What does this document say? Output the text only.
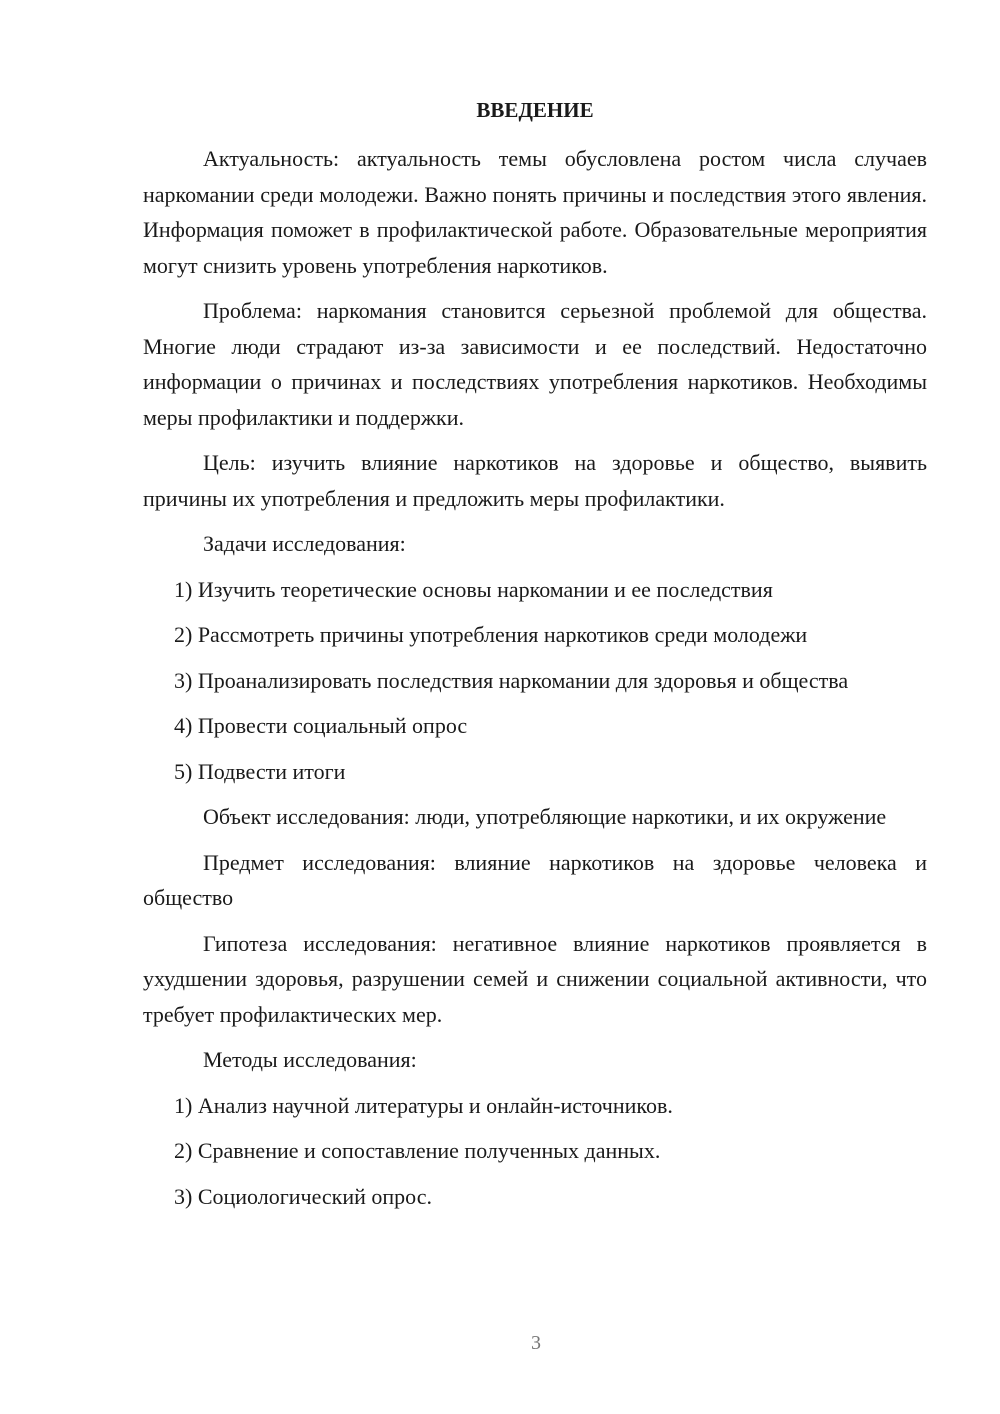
ВВЕДЕНИЕ

Актуальность: актуальность темы обусловлена ростом числа случаев наркомании среди молодежи. Важно понять причины и последствия этого явления. Информация поможет в профилактической работе. Образовательные мероприятия могут снизить уровень употребления наркотиков.

Проблема: наркомания становится серьезной проблемой для общества. Многие люди страдают из-за зависимости и ее последствий. Недостаточно информации о причинах и последствиях употребления наркотиков. Необходимы меры профилактики и поддержки.

Цель: изучить влияние наркотиков на здоровье и общество, выявить причины их употребления и предложить меры профилактики.

Задачи исследования:

1) Изучить теоретические основы наркомании и ее последствия

2) Рассмотреть причины употребления наркотиков среди молодежи

3) Проанализировать последствия наркомании для здоровья и общества

4) Провести социальный опрос

5) Подвести итоги

Объект исследования: люди, употребляющие наркотики, и их окружение

Предмет исследования: влияние наркотиков на здоровье человека и общество

Гипотеза исследования: негативное влияние наркотиков проявляется в ухудшении здоровья, разрушении семей и снижении социальной активности, что требует профилактических мер.

Методы исследования:

1) Анализ научной литературы и онлайн-источников.

2) Сравнение и сопоставление полученных данных.

3) Социологический опрос.

3
